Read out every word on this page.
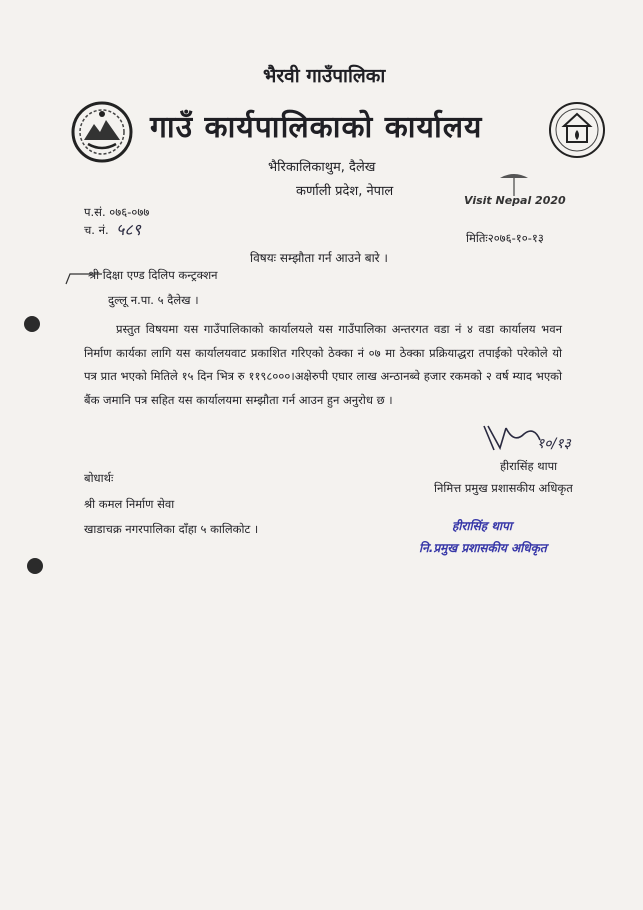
भैरवी गाउँपालिका
गाउँ कार्यपालिकाको कार्यालय
भैरिकालिकाथुम, दैलेख
कर्णाली प्रदेश, नेपाल
Visit Nepal 2020
प.सं. ०७६-०७७
च. नं. ५८९	मितिः२०७६-१०-१३
विषयः सम्झौता गर्न आउने बारे ।
श्री दिक्षा एण्ड दिलिप कन्ट्रक्शन
दुल्लू न.पा. ५ दैलेख ।
प्रस्तुत विषयमा यस गाउँपालिकाको कार्यालयले यस गाउँपालिका अन्तरगत वडा नं ४ वडा कार्यालय भवन निर्माण कार्यका लागि यस कार्यालयवाट प्रकाशित गरिएको ठेक्का नं ०७ मा ठेक्का प्रक्रियाद्धरा तपाईको परेकोले यो पत्र प्रात भएको मितिले १५ दिन भित्र रु ११९८०००।अक्षेरुपी एघार लाख अन्ठानब्वे हजार रकमको २ वर्ष म्याद भएको बैंक जमानि पत्र सहित यस कार्यालयमा सम्झौता गर्न आउन हुन अनुरोध छ ।
१०/१३
हीरासिंह थापा
निमित्त प्रमुख प्रशासकीय अधिकृत
बोधार्थः
श्री कमल निर्माण सेवा
खाडाचक्र नगरपालिका दाँहा ५ कालिकोट ।	हीरासिंह थापा
नि.प्रमुख प्रशासकीय अधिकृत
